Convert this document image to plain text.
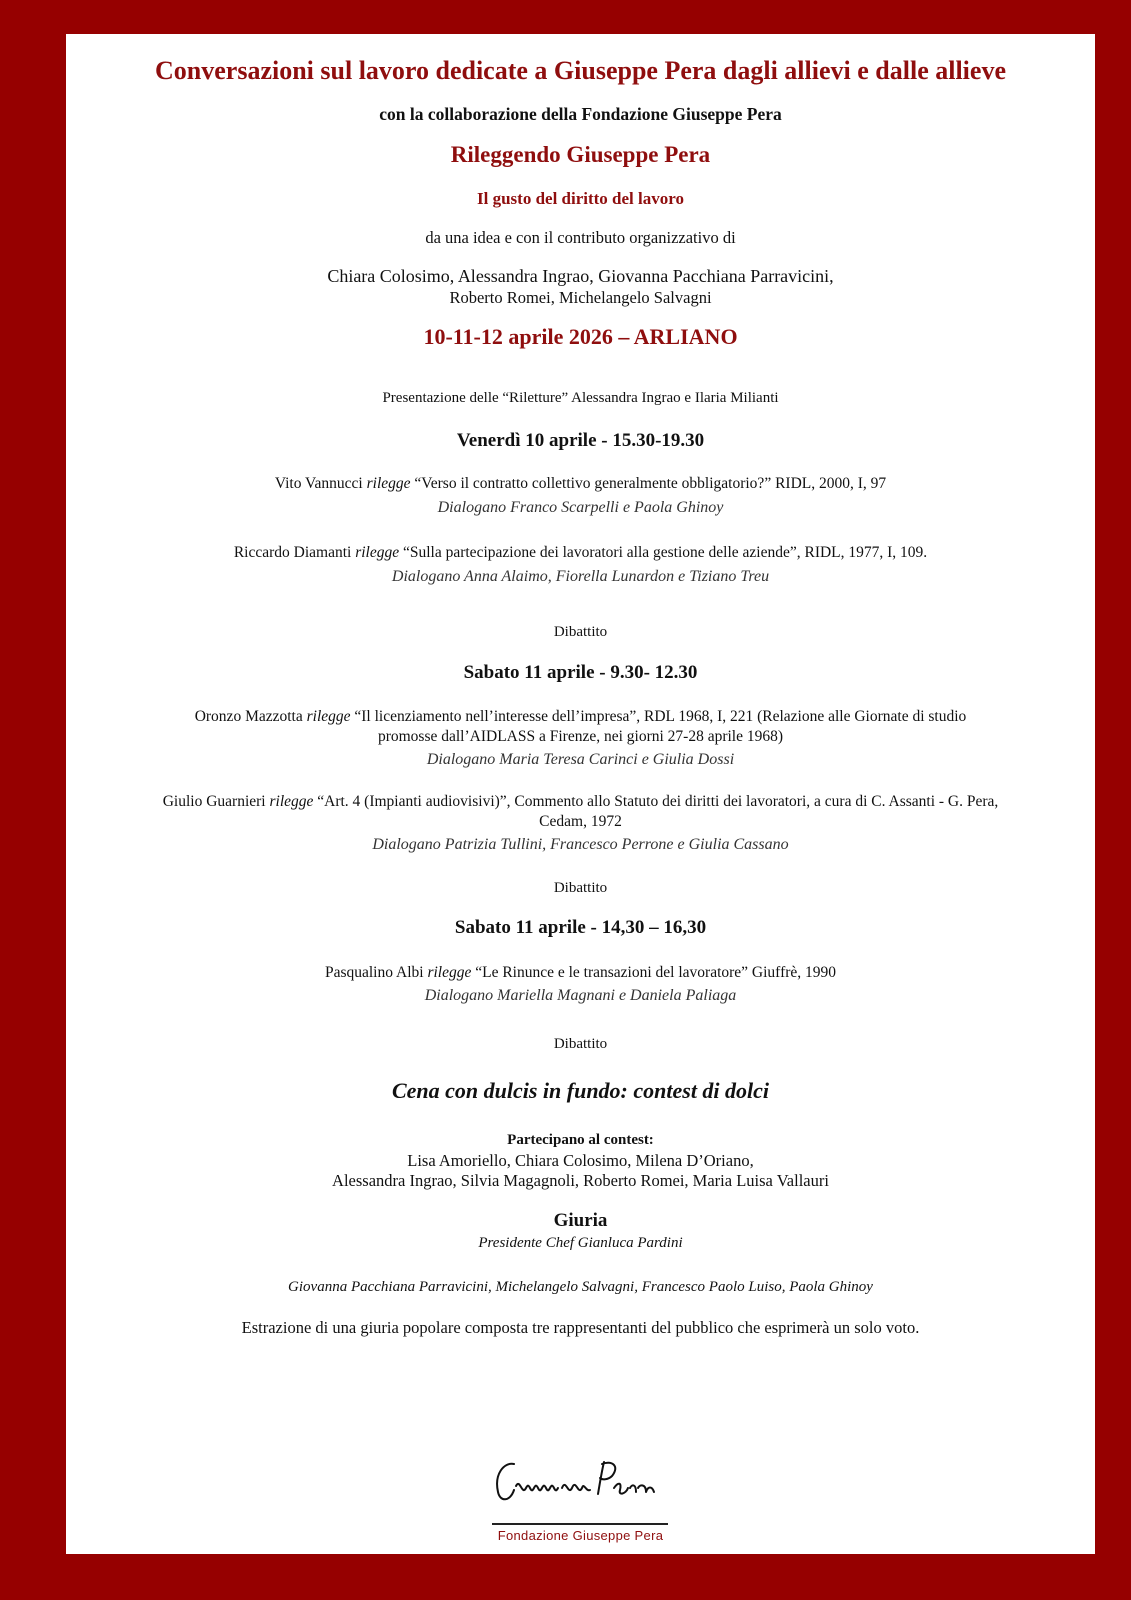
Conversazioni sul lavoro dedicate a Giuseppe Pera dagli allievi e dalle allieve
con la collaborazione della Fondazione Giuseppe Pera
Rileggendo Giuseppe Pera
Il gusto del diritto del lavoro
da una idea e con il contributo organizzativo di
Chiara Colosimo, Alessandra Ingrao, Giovanna Pacchiana Parravicini,
Roberto Romei, Michelangelo Salvagni
10-11-12 aprile 2026 – ARLIANO
Presentazione delle “Riletture” Alessandra Ingrao e Ilaria Milianti
Venerdì 10 aprile - 15.30-19.30
Vito Vannucci rilegge “Verso il contratto collettivo generalmente obbligatorio?” RIDL, 2000, I, 97
Dialogano Franco Scarpelli e Paola Ghinoy
Riccardo Diamanti rilegge “Sulla partecipazione dei lavoratori alla gestione delle aziende”, RIDL, 1977, I, 109.
Dialogano Anna Alaimo, Fiorella Lunardon e Tiziano Treu
Dibattito
Sabato 11 aprile - 9.30- 12.30
Oronzo Mazzotta rilegge “Il licenziamento nell’interesse dell’impresa”, RDL 1968, I, 221 (Relazione alle Giornate di studio
promosse dall’AIDLASS a Firenze, nei giorni 27-28 aprile 1968)
Dialogano Maria Teresa Carinci e Giulia Dossi
Giulio Guarnieri rilegge “Art. 4 (Impianti audiovisivi)”, Commento allo Statuto dei diritti dei lavoratori, a cura di C. Assanti - G. Pera,
Cedam, 1972
Dialogano Patrizia Tullini, Francesco Perrone e Giulia Cassano
Dibattito
Sabato 11 aprile - 14,30 – 16,30
Pasqualino Albi rilegge “Le Rinunce e le transazioni del lavoratore” Giuffrè, 1990
Dialogano Mariella Magnani e Daniela Paliaga
Dibattito
Cena con dulcis in fundo: contest di dolci
Partecipano al contest:
Lisa Amoriello, Chiara Colosimo, Milena D’Oriano,
Alessandra Ingrao, Silvia Magagnoli, Roberto Romei, Maria Luisa Vallauri
Giuria
Presidente Chef Gianluca Pardini
Giovanna Pacchiana Parravicini, Michelangelo Salvagni, Francesco Paolo Luiso, Paola Ghinoy
Estrazione di una giuria popolare composta tre rappresentanti del pubblico che esprimerà un solo voto.
Fondazione Giuseppe Pera
